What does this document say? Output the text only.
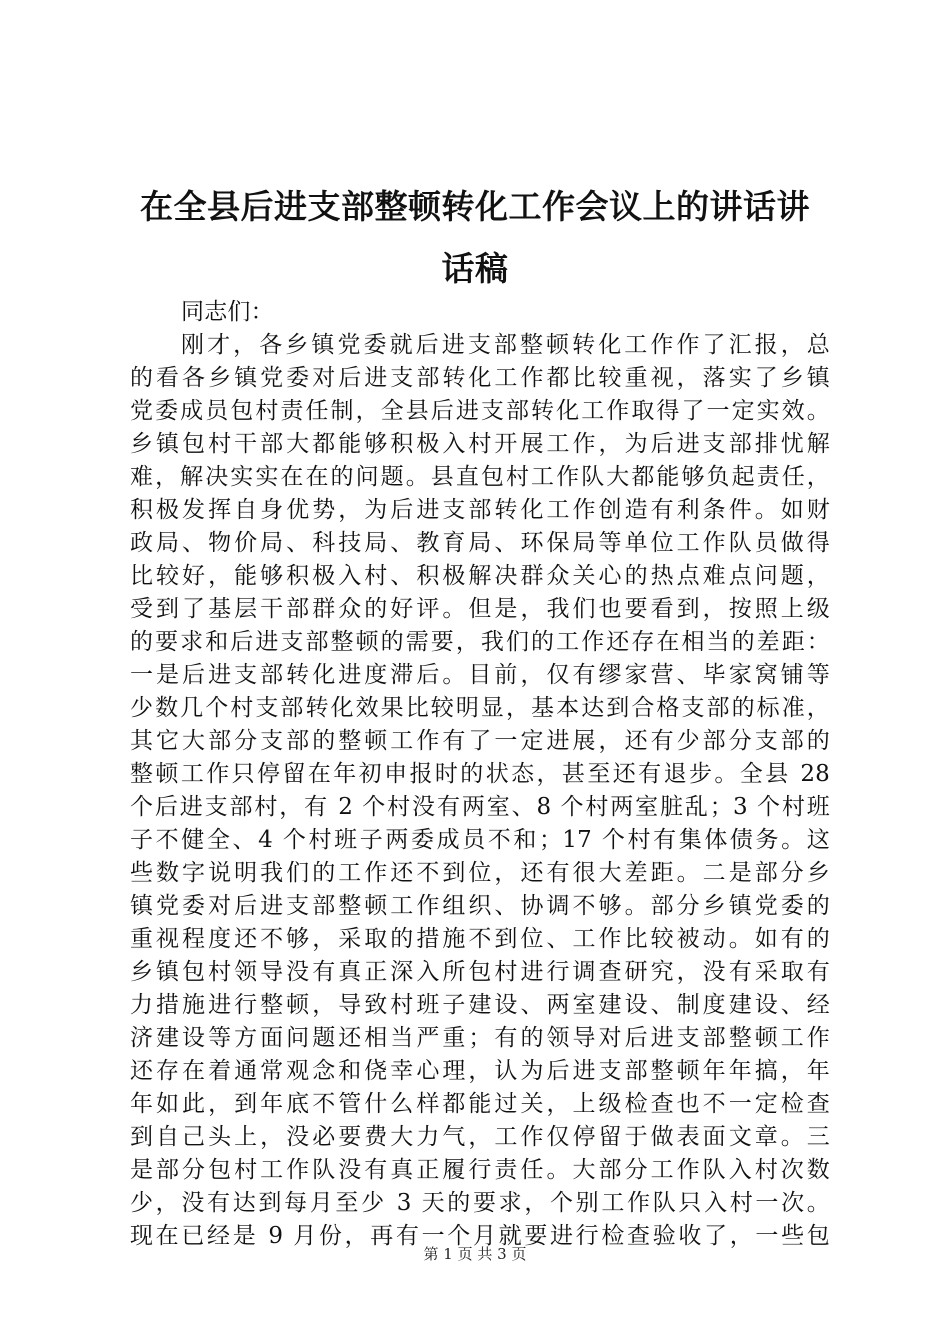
在全县后进支部整顿转化工作会议上的讲话讲
话稿
同志们：
刚才，各乡镇党委就后进支部整顿转化工作作了汇报，总
的看各乡镇党委对后进支部转化工作都比较重视，落实了乡镇
党委成员包村责任制，全县后进支部转化工作取得了一定实效。
乡镇包村干部大都能够积极入村开展工作，为后进支部排忧解
难，解决实实在在的问题。县直包村工作队大都能够负起责任，
积极发挥自身优势，为后进支部转化工作创造有利条件。如财
政局、物价局、科技局、教育局、环保局等单位工作队员做得
比较好，能够积极入村、积极解决群众关心的热点难点问题，
受到了基层干部群众的好评。但是，我们也要看到，按照上级
的要求和后进支部整顿的需要，我们的工作还存在相当的差距：
一是后进支部转化进度滞后。目前，仅有缪家营、毕家窝铺等
少数几个村支部转化效果比较明显，基本达到合格支部的标准，
其它大部分支部的整顿工作有了一定进展，还有少部分支部的
整顿工作只停留在年初申报时的状态，甚至还有退步。全县 28
个后进支部村，有 2 个村没有两室、8 个村两室脏乱；3 个村班
子不健全、4 个村班子两委成员不和；17 个村有集体债务。这
些数字说明我们的工作还不到位，还有很大差距。二是部分乡
镇党委对后进支部整顿工作组织、协调不够。部分乡镇党委的
重视程度还不够，采取的措施不到位、工作比较被动。如有的
乡镇包村领导没有真正深入所包村进行调查研究，没有采取有
力措施进行整顿，导致村班子建设、两室建设、制度建设、经
济建设等方面问题还相当严重；有的领导对后进支部整顿工作
还存在着通常观念和侥幸心理，认为后进支部整顿年年搞，年
年如此，到年底不管什么样都能过关，上级检查也不一定检查
到自己头上，没必要费大力气，工作仅停留于做表面文章。三
是部分包村工作队没有真正履行责任。大部分工作队入村次数
少，没有达到每月至少 3 天的要求，个别工作队只入村一次。
现在已经是 9 月份，再有一个月就要进行检查验收了，一些包
第 1 页 共 3 页
